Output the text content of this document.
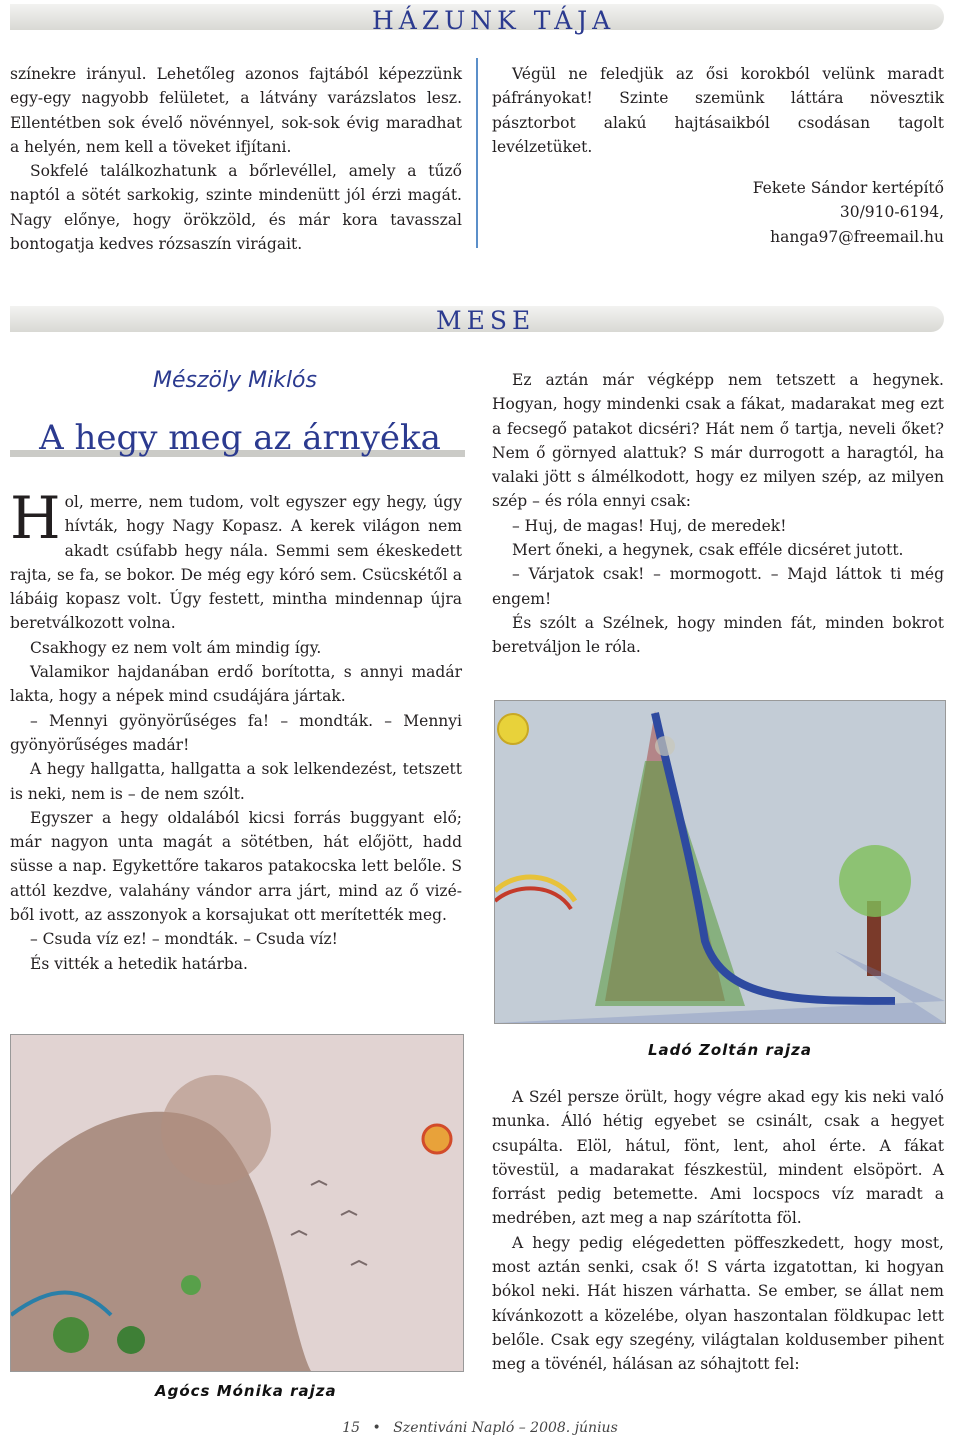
HÁZUNK TÁJA

színekre irányul. Lehetőleg azonos fajtából képezzünk egy-egy nagyobb felületet, a látvány varázslatos lesz. Ellentétben sok évelő növénnyel, sok-sok évig maradhat a helyén, nem kell a töveket ifjítani.

Sokfelé találkozhatunk a bőrlevéllel, amely a tűző naptól a sötét sarkokig, szinte mindenütt jól érzi magát. Nagy előnye, hogy örökzöld, és már kora tavasszal bontogatja kedves rózsaszín virágait.

Végül ne feledjük az ősi korokból velünk maradt páfrányokat! Szinte szemünk láttára növesztik pásztorbot alakú hajtásaikból csodásan tagolt levélzetüket.

Fekete Sándor kertépítő

30/910-6194,

hanga97@freemail.hu

MESE
Mészöly Miklós
A hegy meg az árnyéka

Hol, merre, nem tudom, volt egyszer egy hegy, úgy hívták, hogy Nagy Kopasz. A kerek világon nem akadt csúfabb hegy nála. Semmi sem ékeskedett rajta, se fa, se bokor. De még egy kóró sem. Csücskétől a lábáig kopasz volt. Úgy festett, mintha mindennap újra beretválkozott volna.

Csakhogy ez nem volt ám mindig így.

Valamikor hajdanában erdő borította, s annyi madár lakta, hogy a népek mind csudájára jártak.

– Mennyi gyönyörűséges fa! – mondták. – Mennyi gyönyörűséges madár!

A hegy hallgatta, hallgatta a sok lelkendezést, tetszett is neki, nem is – de nem szólt.

Egyszer a hegy oldalából kicsi forrás buggyant elő; már nagyon unta magát a sötétben, hát előjött, hadd süsse a nap. Egykettőre takaros patakocska lett belőle. S attól kezdve, valahány vándor arra járt, mind az ő vizé-ből ivott, az asszonyok a korsajukat ott merítették meg.

– Csuda víz ez! – mondták. – Csuda víz!

És vitték a hetedik határba.

Ez aztán már végképp nem tetszett a hegynek. Hogyan, hogy mindenki csak a fákat, madarakat meg ezt a fecsegő patakot dicséri? Hát nem ő tartja, neveli őket? Nem ő görnyed alattuk? S már durrogott a haragtól, ha valaki jött s álmélkodott, hogy ez milyen szép, az milyen szép – és róla ennyi csak:

– Huj, de magas! Huj, de meredek!

Mert őneki, a hegynek, csak efféle dicséret jutott.

– Várjatok csak! – mormogott. – Majd láttok ti még engem!

És szólt a Szélnek, hogy minden fát, minden bokrot beretváljon le róla.

Ladó Zoltán rajza
Agócs Mónika rajza

A Szél persze örült, hogy végre akad egy kis neki való munka. Álló hétig egyebet se csinált, csak a hegyet csupálta. Elöl, hátul, fönt, lent, ahol érte. A fákat tövestül, a madarakat fészkestül, mindent elsöpört. A forrást pedig betemette. Ami locspocs víz maradt a medrében, azt meg a nap szárította föl.

A hegy pedig elégedetten pöffeszkedett, hogy most, most aztán senki, csak ő! S várta izgatottan, ki hogyan bókol neki. Hát hiszen várhatta. Se ember, se állat nem kívánkozott a közelébe, olyan haszontalan földkupac lett belőle. Csak egy szegény, világtalan koldusember pihent meg a tövénél, hálásan az sóhajtott fel:

15 • Szentiváni Napló – 2008. június
